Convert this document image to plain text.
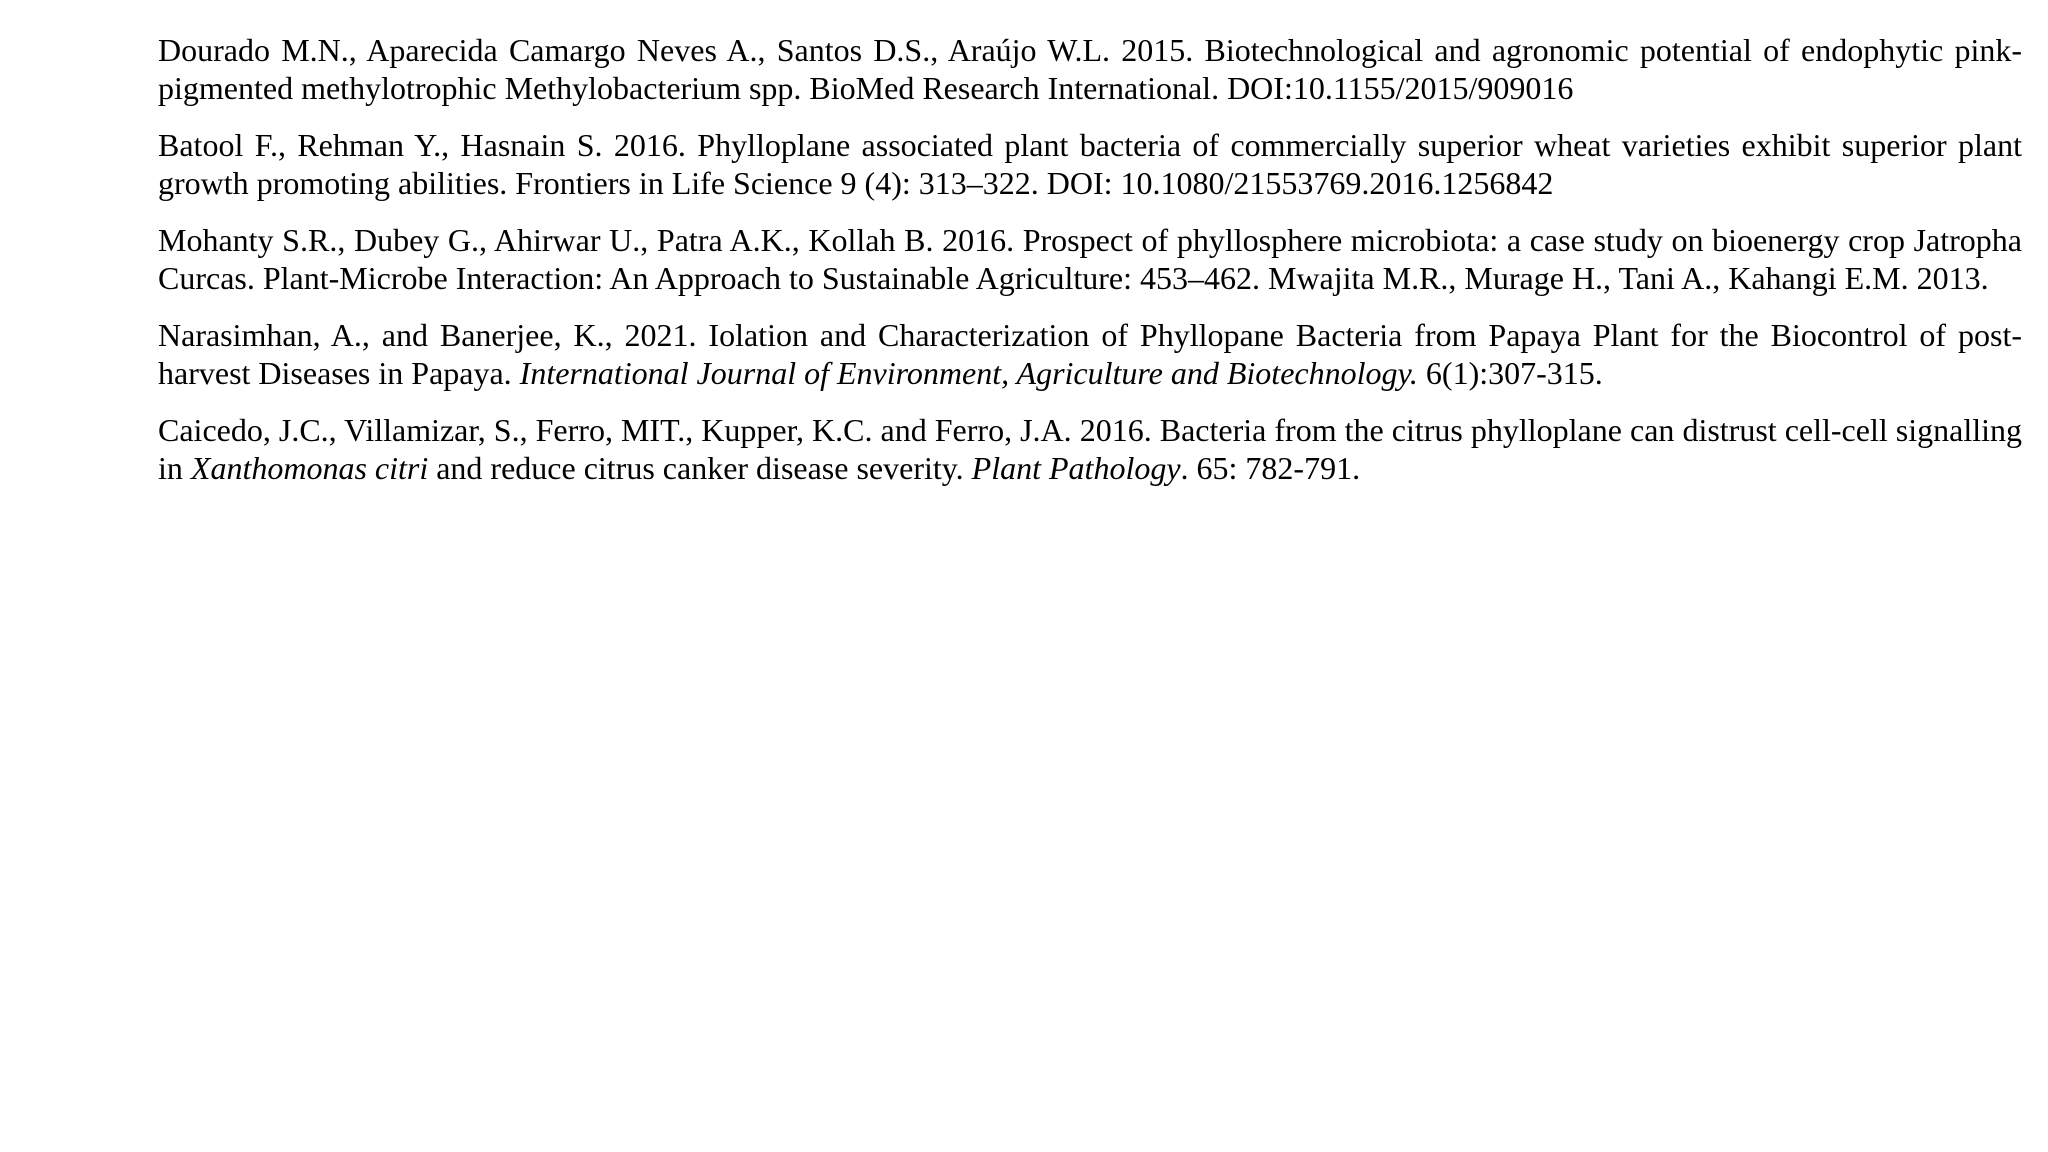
Dourado M.N., Aparecida Camargo Neves A., Santos D.S., Araújo W.L. 2015. Biotechnological and agronomic potential of endophytic pink-pigmented methylotrophic Methylobacterium spp. BioMed Research International. DOI:10.1155/2015/909016

Batool F., Rehman Y., Hasnain S. 2016. Phylloplane associated plant bacteria of commercially superior wheat varieties exhibit superior plant growth promoting abilities. Frontiers in Life Science 9 (4): 313–322. DOI: 10.1080/21553769.2016.1256842

Mohanty S.R., Dubey G., Ahirwar U., Patra A.K., Kollah B. 2016. Prospect of phyllosphere microbiota: a case study on bioenergy crop Jatropha Curcas. Plant-Microbe Interaction: An Approach to Sustainable Agriculture: 453–462. Mwajita M.R., Murage H., Tani A., Kahangi E.M. 2013.

Narasimhan, A., and Banerjee, K., 2021. Iolation and Characterization of Phyllopane Bacteria from Papaya Plant for the Biocontrol of post-harvest Diseases in Papaya. International Journal of Environment, Agriculture and Biotechnology. 6(1):307-315.

Caicedo, J.C., Villamizar, S., Ferro, MIT., Kupper, K.C. and Ferro, J.A. 2016. Bacteria from the citrus phylloplane can distrust cell-cell signalling in Xanthomonas citri and reduce citrus canker disease severity. Plant Pathology. 65: 782-791.
